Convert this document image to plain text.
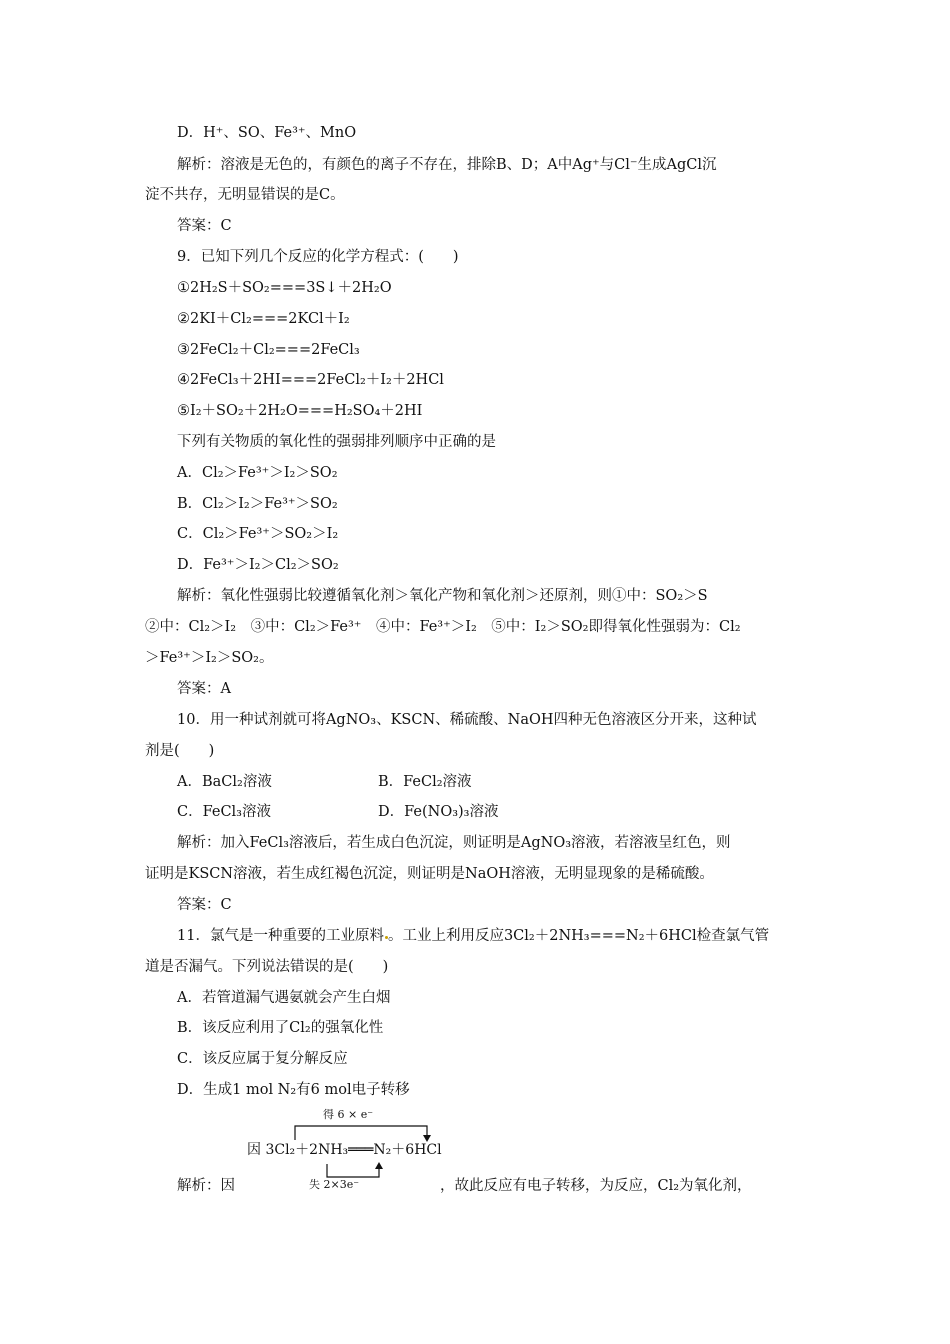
D．H⁺、SO、Fe³⁺、MnO
解析：溶液是无色的，有颜色的离子不存在，排除B、D；A中Ag⁺与Cl⁻生成AgCl沉
淀不共存，无明显错误的是C。
答案：C
9．已知下列几个反应的化学方程式：(　　)
①2H₂S＋SO₂===3S↓＋2H₂O
②2KI＋Cl₂===2KCl＋I₂
③2FeCl₂＋Cl₂===2FeCl₃
④2FeCl₃＋2HI===2FeCl₂＋I₂＋2HCl
⑤I₂＋SO₂＋2H₂O===H₂SO₄＋2HI
下列有关物质的氧化性的强弱排列顺序中正确的是
A．Cl₂＞Fe³⁺＞I₂＞SO₂
B．Cl₂＞I₂＞Fe³⁺＞SO₂
C．Cl₂＞Fe³⁺＞SO₂＞I₂
D．Fe³⁺＞I₂＞Cl₂＞SO₂
解析：氧化性强弱比较遵循氧化剂＞氧化产物和氧化剂＞还原剂，则①中：SO₂＞S
②中：Cl₂＞I₂　③中：Cl₂＞Fe³⁺　④中：Fe³⁺＞I₂　⑤中：I₂＞SO₂即得氧化性强弱为：Cl₂
＞Fe³⁺＞I₂＞SO₂。
答案：A
10．用一种试剂就可将AgNO₃、KSCN、稀硫酸、NaOH四种无色溶液区分开来，这种试
剂是(　　)
A．BaCl₂溶液	B．FeCl₂溶液
C．FeCl₃溶液	D．Fe(NO₃)₃溶液
解析：加入FeCl₃溶液后，若生成白色沉淀，则证明是AgNO₃溶液，若溶液呈红色，则
证明是KSCN溶液，若生成红褐色沉淀，则证明是NaOH溶液，无明显现象的是稀硫酸。
答案：C
11．氯气是一种重要的工业原料 。工业上利用反应3Cl₂＋2NH₃===N₂＋6HCl检查氯气管
道是否漏气。下列说法错误的是(　　)
A．若管道漏气遇氨就会产生白烟
B．该反应利用了Cl₂的强氧化性
C．该反应属于复分解反应
D．生成1 mol N₂有6 mol电子转移
得 6 × e⁻
因 3Cl₂＋2NH₃═══N₂＋6HCl
失 2×3e⁻
解析：因	，故此反应有电子转移，为反应，Cl₂为氧化剂，
